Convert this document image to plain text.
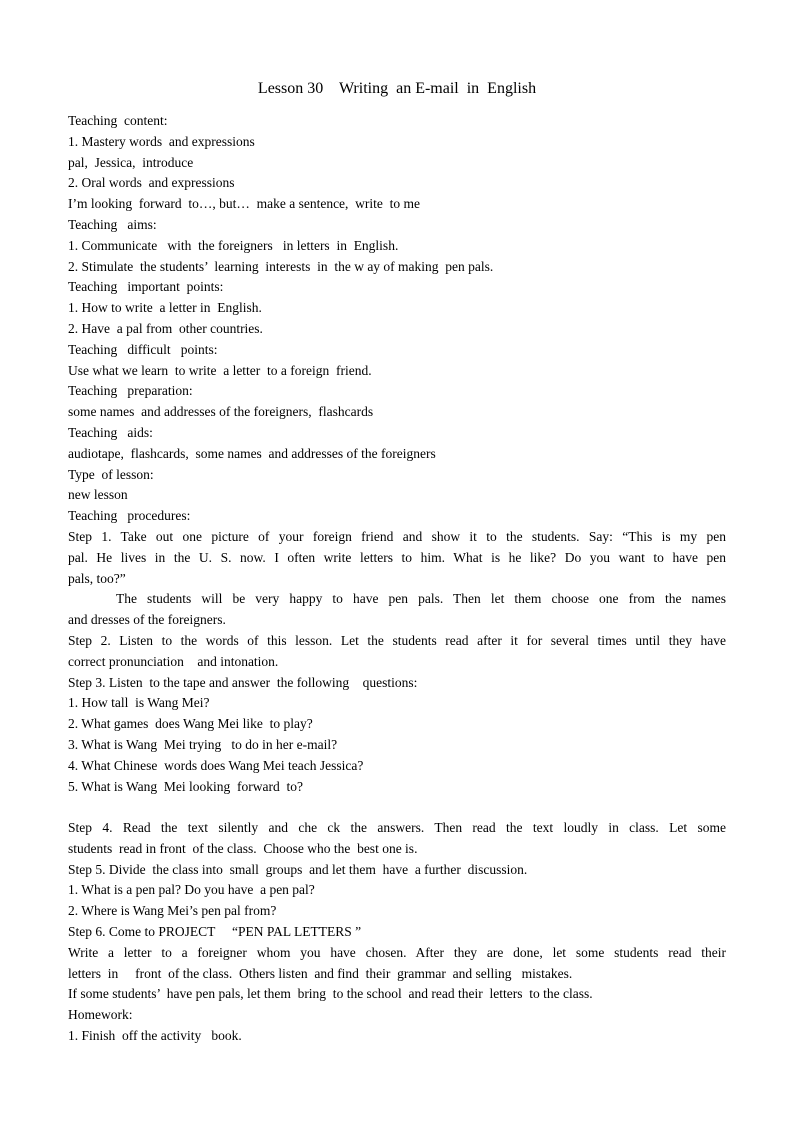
Lesson 30    Writing  an E-mail  in  English
Teaching  content:
1. Mastery words  and expressions
pal,  Jessica,  introduce
2. Oral words  and expressions
I’m looking  forward  to…, but…  make a sentence,  write  to me
Teaching   aims:
1. Communicate   with  the foreigners   in letters  in  English.
2. Stimulate  the students’  learning  interests  in  the w ay of making  pen pals.
Teaching   important  points:
1. How to write  a letter in  English.
2. Have  a pal from  other countries.
Teaching   difficult   points:
Use what we learn  to write  a letter  to a foreign  friend.
Teaching   preparation:
some names  and addresses of the foreigners,  flashcards
Teaching   aids:
audiotape,  flashcards,  some names  and addresses of the foreigners
Type  of lesson:
new lesson
Teaching   procedures:
Step 1. Take out one picture of your foreign friend and show it to the students. Say: “This is my pen
pal. He lives in the U. S. now. I often write letters to him. What is he like? Do you want to have pen
pals, too?”
The students will be very happy to have pen pals. Then let them choose one from the names
and dresses of the foreigners.
Step 2. Listen to the words of this lesson. Let the students read after it for several times until they have
correct pronunciation    and intonation.
Step 3. Listen  to the tape and answer  the following    questions:
1. How tall  is Wang Mei?
2. What games  does Wang Mei like  to play?
3. What is Wang  Mei trying   to do in her e-mail?
4. What Chinese  words does Wang Mei teach Jessica?
5. What is Wang  Mei looking  forward  to?
Step 4. Read the text silently and che ck the answers. Then read the text loudly in class. Let some
students  read in front  of the class.  Choose who the  best one is.
Step 5. Divide  the class into  small  groups  and let them  have  a further  discussion.
1. What is a pen pal? Do you have  a pen pal?
2. Where is Wang Mei’s pen pal from?
Step 6. Come to PROJECT     “PEN PAL LETTERS ”
Write a letter to a foreigner whom you have chosen. After they are done, let some students read their
letters  in     front  of the class.  Others listen  and find  their  grammar  and selling   mistakes.
If some students’  have pen pals, let them  bring  to the school  and read their  letters  to the class.
Homework:
1. Finish  off the activity   book.
